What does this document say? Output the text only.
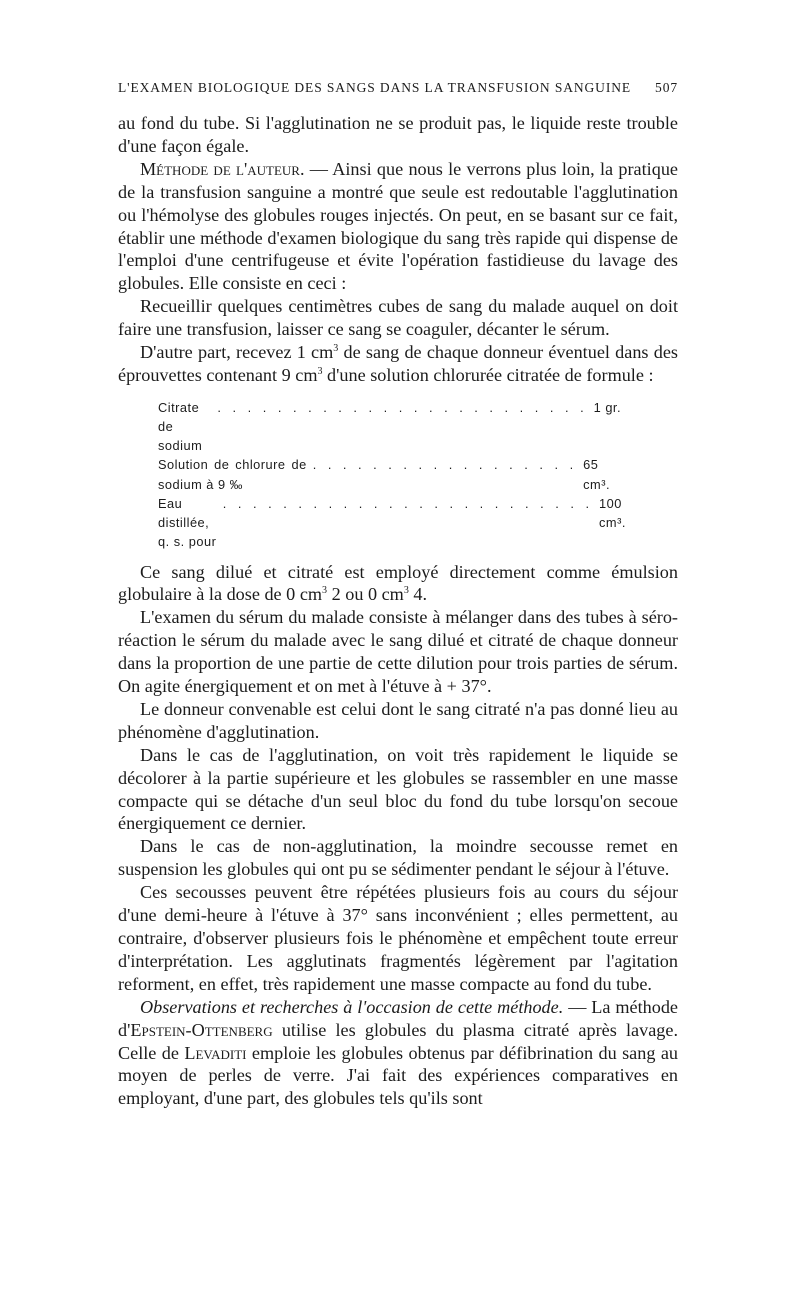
L'EXAMEN BIOLOGIQUE DES SANGS DANS LA TRANSFUSION SANGUINE 507

au fond du tube. Si l'agglutination ne se produit pas, le liquide reste trouble d'une façon égale.

Méthode de l'auteur. — Ainsi que nous le verrons plus loin, la pratique de la transfusion sanguine a montré que seule est redoutable l'agglutination ou l'hémolyse des globules rouges injectés. On peut, en se basant sur ce fait, établir une méthode d'examen biologique du sang très rapide qui dispense de l'emploi d'une centrifugeuse et évite l'opération fastidieuse du lavage des globules. Elle consiste en ceci :

Recueillir quelques centimètres cubes de sang du malade auquel on doit faire une transfusion, laisser ce sang se coaguler, décanter le sérum.

D'autre part, recevez 1 $cm^3$ de sang de chaque donneur éventuel dans des éprouvettes contenant 9 $cm^3$ d'une solution chlorurée citratée de formule :

Citrate de sodium
. . . . . . . . . . . . . . . . . . . . . . . . . 1 gr.
Solution de chlorure de sodium à 9 ‰
. . . . . . . . . . . . . . . . . . 65 cm³.
Eau distillée, q. s. pour
. . . . . . . . . . . . . . . . . . . . . . . . . 100 cm³.

Ce sang dilué et citraté est employé directement comme émulsion globulaire à la dose de 0 $cm^3$ 2 ou 0 $cm^3$ 4.

L'examen du sérum du malade consiste à mélanger dans des tubes à séro-réaction le sérum du malade avec le sang dilué et citraté de chaque donneur dans la proportion de une partie de cette dilution pour trois parties de sérum. On agite énergiquement et on met à l'étuve à + 37°.

Le donneur convenable est celui dont le sang citraté n'a pas donné lieu au phénomène d'agglutination.

Dans le cas de l'agglutination, on voit très rapidement le liquide se décolorer à la partie supérieure et les globules se rassembler en une masse compacte qui se détache d'un seul bloc du fond du tube lorsqu'on secoue énergiquement ce dernier.

Dans le cas de non-agglutination, la moindre secousse remet en suspension les globules qui ont pu se sédimenter pendant le séjour à l'étuve.

Ces secousses peuvent être répétées plusieurs fois au cours du séjour d'une demi-heure à l'étuve à 37° sans inconvénient ; elles permettent, au contraire, d'observer plusieurs fois le phénomène et empêchent toute erreur d'interprétation. Les agglutinats fragmentés légèrement par l'agitation reforment, en effet, très rapidement une masse compacte au fond du tube.

Observations et recherches à l'occasion de cette méthode. — La méthode d'Epstein-Ottenberg utilise les globules du plasma citraté après lavage. Celle de Levaditi emploie les globules obtenus par défibrination du sang au moyen de perles de verre. J'ai fait des expériences comparatives en employant, d'une part, des globules tels qu'ils sont
